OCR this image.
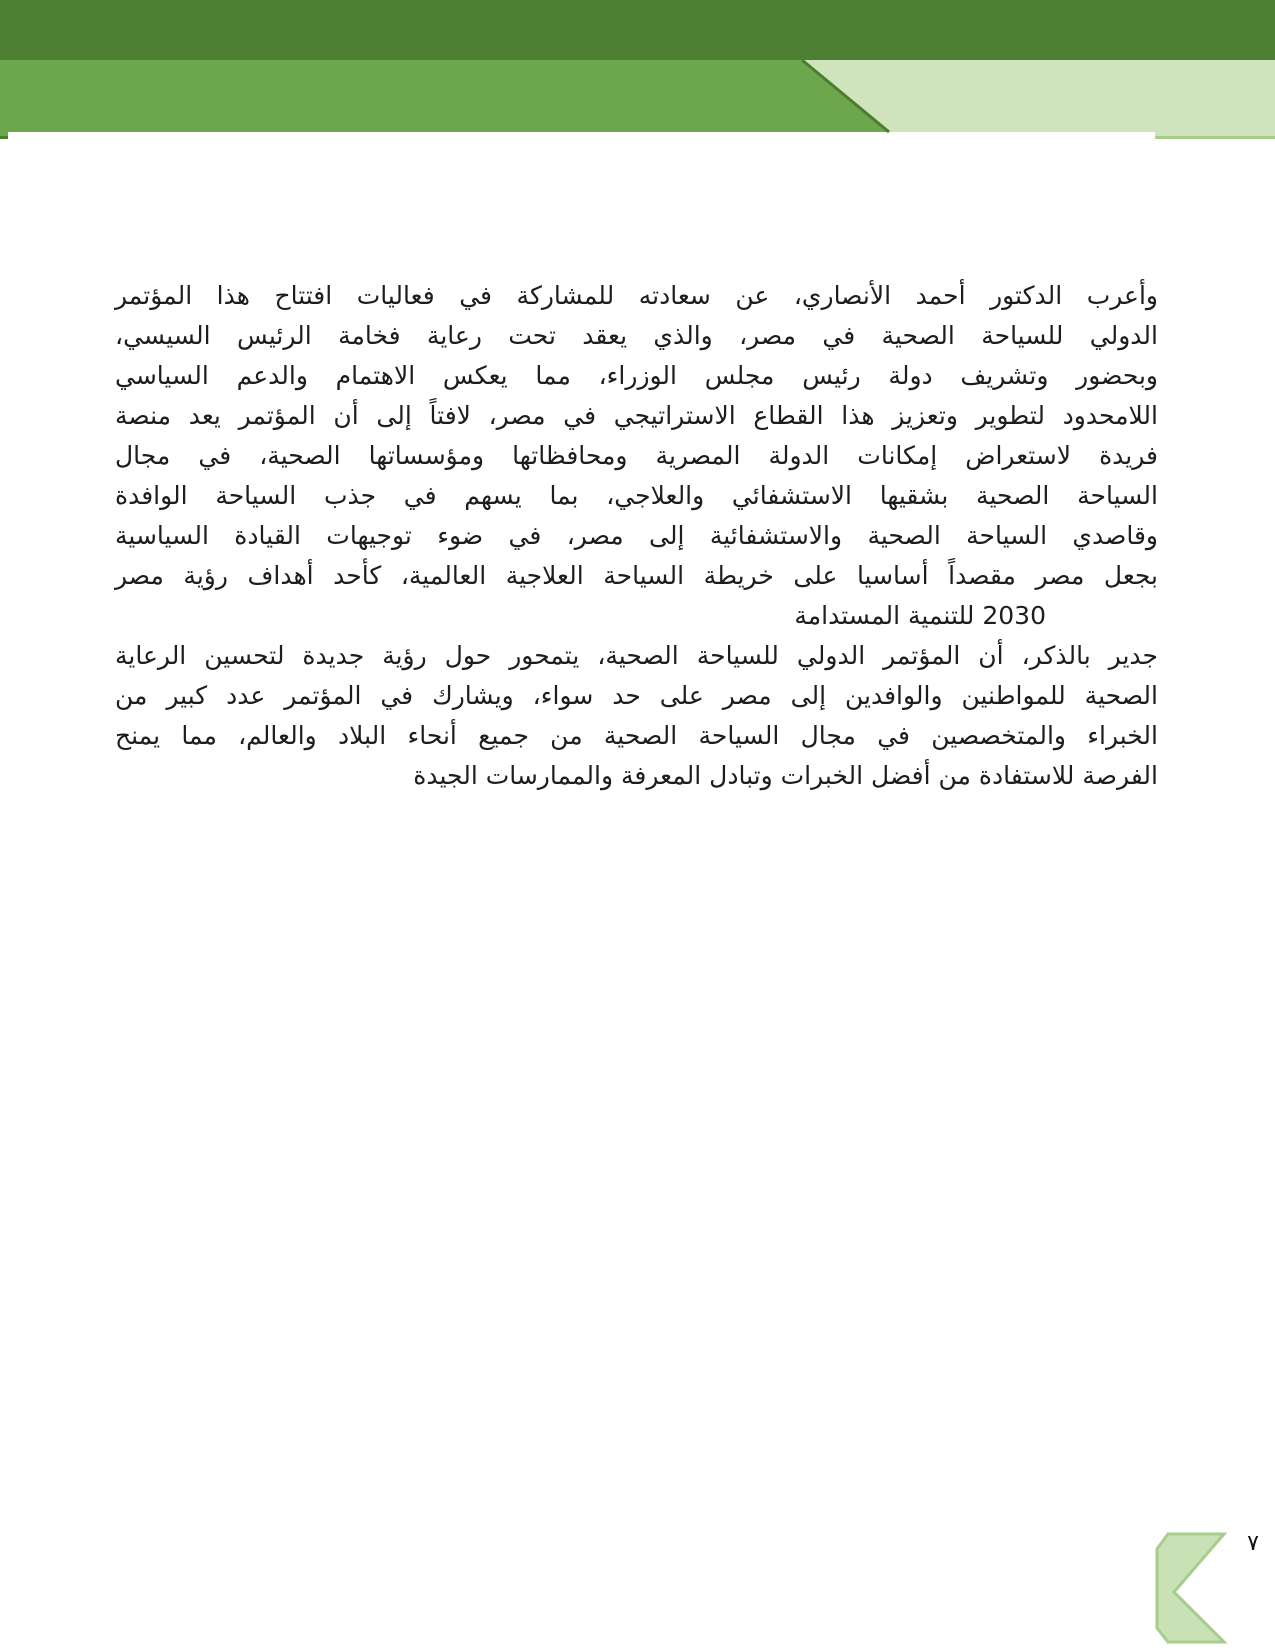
وأعرب الدكتور أحمد الأنصاري، عن سعادته للمشاركة في فعاليات افتتاح هذا المؤتمر
الدولي للسياحة الصحية في مصر، والذي يعقد تحت رعاية فخامة الرئيس السيسي،
وبحضور وتشريف دولة رئيس مجلس الوزراء، مما يعكس الاهتمام والدعم السياسي
اللامحدود لتطوير وتعزيز هذا القطاع الاستراتيجي في مصر، لافتاً إلى أن المؤتمر يعد منصة
فريدة لاستعراض إمكانات الدولة المصرية ومحافظاتها ومؤسساتها الصحية، في مجال
السياحة الصحية بشقيها الاستشفائي والعلاجي، بما يسهم في جذب السياحة الوافدة
وقاصدي السياحة الصحية والاستشفائية إلى مصر، في ضوء توجيهات القيادة السياسية
بجعل مصر مقصداً أساسيا على خريطة السياحة العلاجية العالمية، كأحد أهداف رؤية مصر
2030 للتنمية المستدامة
جدير بالذكر، أن المؤتمر الدولي للسياحة الصحية، يتمحور حول رؤية جديدة لتحسين الرعاية
الصحية للمواطنين والوافدين إلى مصر على حد سواء، ويشارك في المؤتمر عدد كبير من
الخبراء والمتخصصين في مجال السياحة الصحية من جميع أنحاء البلاد والعالم، مما يمنح
الفرصة للاستفادة من أفضل الخبرات وتبادل المعرفة والممارسات الجيدة
٧
